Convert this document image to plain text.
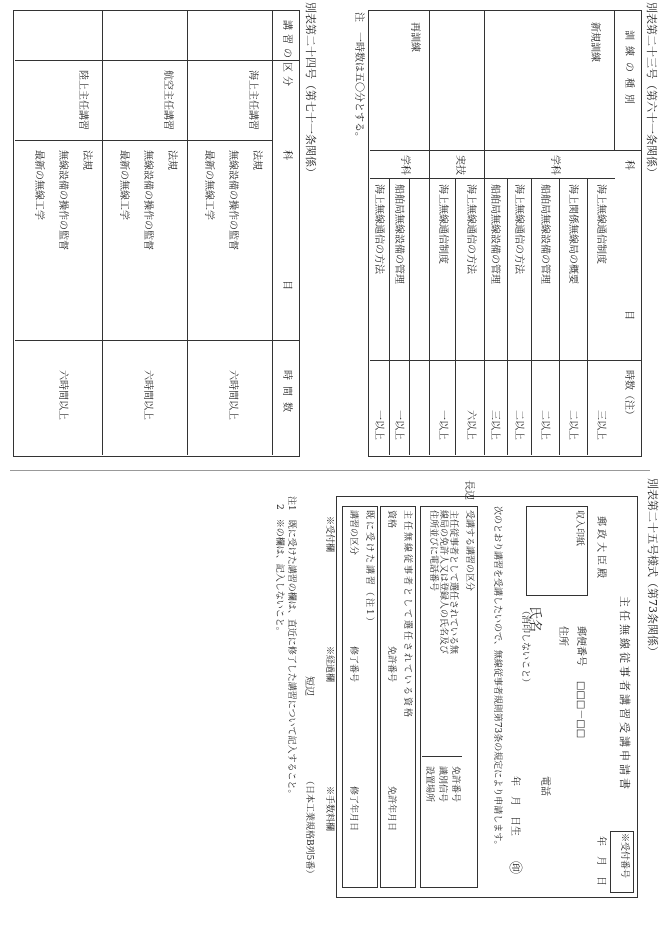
別表第二十三号（第六十一条関係）
訓練の種別
科
目
時数（注）
新規訓練
再訓練
学科
実技
学科
海上無線通信制度
海上関係無線局の概要
船舶局無線設備の管理
海上無線通信の方法
船舶局無線設備の管理
海上無線通信の方法
海上無線通信制度
船舶局無線設備の管理
海上無線通信の方法
三以上
二以上
二以上
二以上
三以上
六以上
一以上
一以上
一以上
注　一時数は五〇分とする。
別表第二十四号（第七十一条関係）
講習の区分
科
目
時間数
海上主任講習
法規
無線設備の操作の監督
最新の無線工学
六時間以上
航空主任講習
法規
無線設備の操作の監督
最新の無線工学
六時間以上
陸上主任講習
法規
無線設備の操作の監督
最新の無線工学
六時間以上
別表第二十五号様式（第73条関係）
主任無線従事者講習受講申請書
※受付番号
年　月　日
郵政大臣殿
収入印紙
郵便番号
□□□－□□
住所
電話
（消印しないこと）
氏名
㊞
年　月　日生
次のとおり講習を受講したいので、無線従事者規則第73条の規定により申請します。
受講する講習の区分
主任従事者として選任されている無線局の免許人又は登録人の氏名及び住所並びに電話番号
免許番号
識別信号
設置場所
主任無線従事者として選任されている資格
資格
免許番号
免許年月日
既に受けた講習（注1）
講習の区分
修了番号
修了年月日
※受付欄
※経過欄
※手数料欄
短辺
（日本工業規格B列5番）
長辺
注1　既に受けた講習の欄は、直近に修了した講習について記入すること。
2　※の欄は、記入しないこと。
